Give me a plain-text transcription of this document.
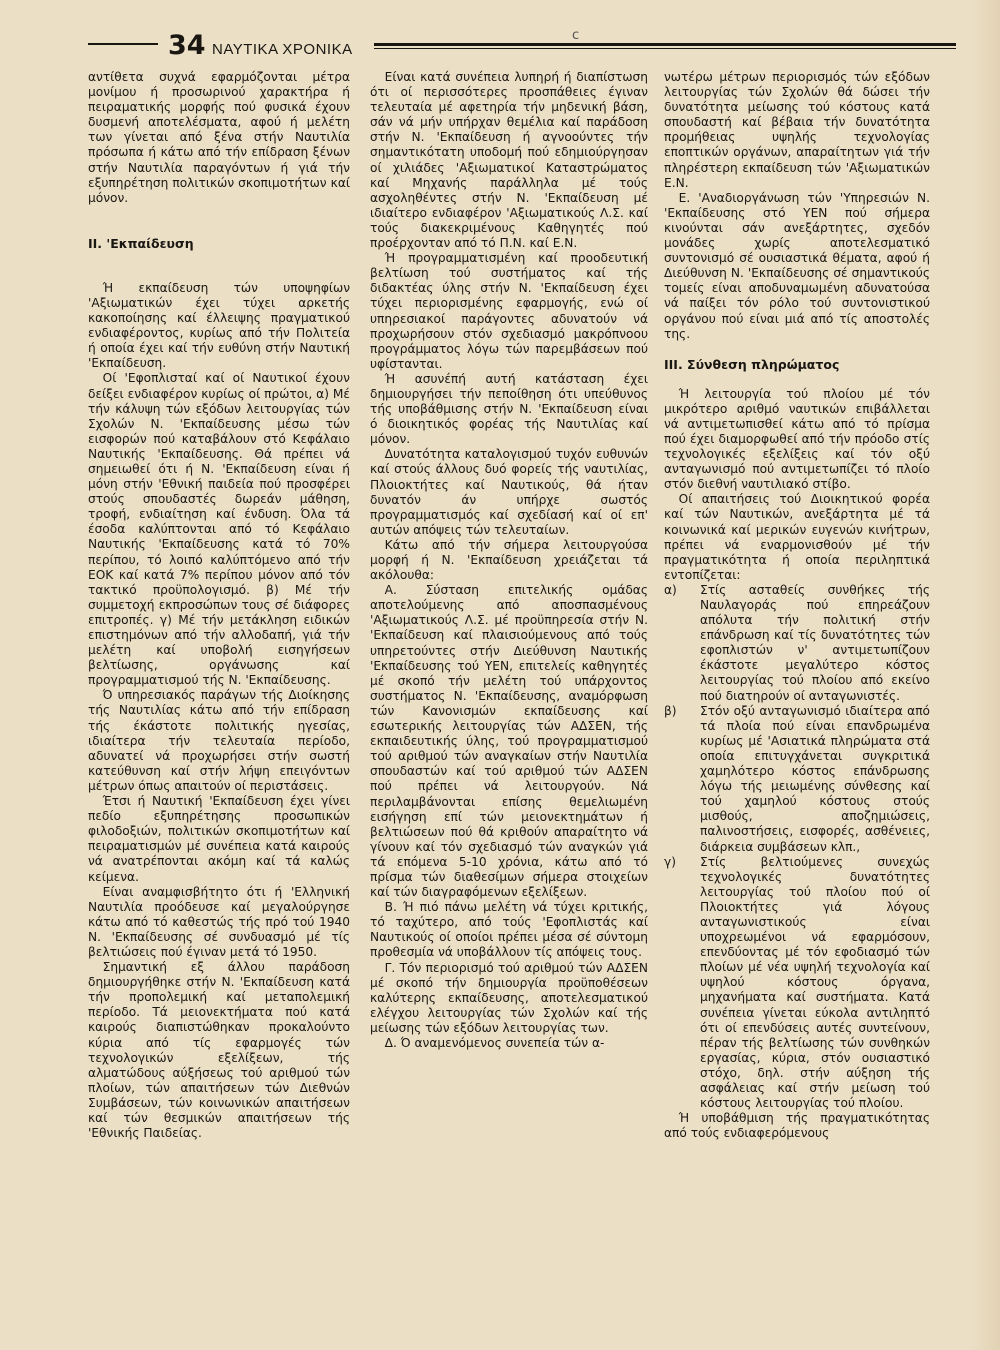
34 ΝΑΥΤΙΚΑ ΧΡΟΝΙΚΑ
c

αντίθετα συχνά εφαρμόζονται μέτρα μονίμου ή προσωρινού χαρακτήρα ή πειραματικής μορφής πού φυσικά έχουν δυσμενή αποτελέσματα, αφού ή μελέτη των γίνεται από ξένα στήν Ναυτιλία πρόσωπα ή κάτω από τήν επίδραση ξένων στήν Ναυτιλία παραγόντων ή γιά τήν εξυπηρέτηση πολιτικών σκοπιμοτήτων καί μόνον.

ΙΙ. 'Εκπαίδευση

Ή εκπαίδευση τών υποψηφίων 'Αξιωματικών έχει τύχει αρκετής κακοποίησης καί έλλειψης πραγματικού ενδιαφέροντος, κυρίως από τήν Πολιτεία ή οποία έχει καί τήν ευθύνη στήν Ναυτική 'Εκπαίδευση.

Οί 'Εφοπλισταί καί οί Ναυτικοί έχουν δείξει ενδιαφέρον κυρίως οί πρώτοι, α) Μέ τήν κάλυψη τών εξόδων λειτουργίας τών Σχολών Ν. 'Εκπαίδευσης μέσω τών εισφορών πού καταβάλουν στό Κεφάλαιο Ναυτικής 'Εκπαίδευσης. Θά πρέπει νά σημειωθεί ότι ή Ν. 'Εκπαίδευση είναι ή μόνη στήν 'Εθνική παιδεία πού προσφέρει στούς σπουδαστές δωρεάν μάθηση, τροφή, ενδιαίτηση καί ένδυση. Όλα τά έσοδα καλύπτονται από τό Κεφάλαιο Ναυτικής 'Εκπαίδευσης κατά τό 70% περίπου, τό λοιπό καλύπτόμενο από τήν ΕΟΚ καί κατά 7% περίπου μόνον από τόν τακτικό προϋπολογισμό. β) Μέ τήν συμμετοχή εκπροσώπων τους σέ διάφορες επιτροπές. γ) Μέ τήν μετάκληση ειδικών επιστημόνων από τήν αλλοδαπή, γιά τήν μελέτη καί υποβολή εισηγήσεων βελτίωσης, οργάνωσης καί προγραμματισμού τής Ν. 'Εκπαίδευσης.

Ό υπηρεσιακός παράγων τής Διοίκησης τής Ναυτιλίας κάτω από τήν επίδραση τής έκάστοτε πολιτικής ηγεσίας, ιδιαίτερα τήν τελευταία περίοδο, αδυνατεί νά προχωρήσει στήν σωστή κατεύθυνση καί στήν λήψη επειγόντων μέτρων όπως απαιτούν οί περιστάσεις.

Έτσι ή Ναυτική 'Εκπαίδευση έχει γίνει πεδίο εξυπηρέτησης προσωπικών φιλοδοξιών, πολιτικών σκοπιμοτήτων καί πειραματισμών μέ συνέπεια κατά καιρούς νά ανατρέπονται ακόμη καί τά καλώς κείμενα.

Είναι αναμφισβήτητο ότι ή 'Ελληνική Ναυτιλία προόδευσε καί μεγαλούργησε κάτω από τό καθεστώς τής πρό τού 1940 Ν. 'Εκπαίδευσης σέ συνδυασμό μέ τίς βελτιώσεις πού έγιναν μετά τό 1950.

Σημαντική εξ άλλου παράδοση δημιουργήθηκε στήν Ν. 'Εκπαίδευση κατά τήν προπολεμική καί μεταπολεμική περίοδο. Τά μειονεκτήματα πού κατά καιρούς διαπιστώθηκαν προκαλούντο κύρια από τίς εφαρμογές τών τεχνολογικών εξελίξεων, τής αλματώδους αύξήσεως τού αριθμού τών πλοίων, τών απαιτήσεων τών Διεθνών Συμβάσεων, τών κοινωνικών απαιτήσεων καί τών θεσμικών απαιτήσεων τής 'Εθνικής Παιδείας.

Είναι κατά συνέπεια λυπηρή ή διαπίστωση ότι οί περισσότερες προσπάθειες έγιναν τελευταία μέ αφετηρία τήν μηδενική βάση, σάν νά μήν υπήρχαν θεμέλια καί παράδοση στήν Ν. 'Εκπαίδευση ή αγνοούντες τήν σημαντικότατη υποδομή πού εδημιούργησαν οί χιλιάδες 'Αξιωματικοί Καταστρώματος καί Μηχανής παράλληλα μέ τούς ασχοληθέντες στήν Ν. 'Εκπαίδευση μέ ιδιαίτερο ενδιαφέρον 'Αξιωματικούς Λ.Σ. καί τούς διακεκριμένους Καθηγητές πού προέρχονταν από τό Π.Ν. καί Ε.Ν.

Ή προγραμματισμένη καί προοδευτική βελτίωση τού συστήματος καί τής διδακτέας ύλης στήν Ν. 'Εκπαίδευση έχει τύχει περιορισμένης εφαρμογής, ενώ οί υπηρεσιακοί παράγοντες αδυνατούν νά προχωρήσουν στόν σχεδιασμό μακρόπνοου προγράμματος λόγω τών παρεμβάσεων πού υφίστανται.

Ή ασυνέπή αυτή κατάσταση έχει δημιουργήσει τήν πεποίθηση ότι υπεύθυνος τής υποβάθμισης στήν Ν. 'Εκπαίδευση είναι ό διοικητικός φορέας τής Ναυτιλίας καί μόνον.

Δυνατότητα καταλογισμού τυχόν ευθυνών καί στούς άλλους δυό φορείς τής ναυτιλίας, Πλοιοκτήτες καί Ναυτικούς, θά ήταν δυνατόν άν υπήρχε σωστός προγραμματισμός καί σχεδίασή καί οί επ' αυτών απόψεις τών τελευταίων.

Κάτω από τήν σήμερα λειτουργούσα μορφή ή Ν. 'Εκπαίδευση χρειάζεται τά ακόλουθα:

Α. Σύσταση επιτελικής ομάδας αποτελούμενης από αποσπασμένους 'Αξιωματικούς Λ.Σ. μέ προϋπηρεσία στήν Ν. 'Εκπαίδευση καί πλαισιούμενους από τούς υπηρετούντες στήν Διεύθυνση Ναυτικής 'Εκπαίδευσης τού ΥΕΝ, επιτελείς καθηγητές μέ σκοπό τήν μελέτη τού υπάρχοντος συστήματος Ν. 'Εκπαίδευσης, αναμόρφωση τών Κανονισμών εκπαίδευσης καί εσωτερικής λειτουργίας τών ΑΔΣΕΝ, τής εκπαιδευτικής ύλης, τού προγραμματισμού τού αριθμού τών αναγκαίων στήν Ναυτιλία σπουδαστών καί τού αριθμού τών ΑΔΣΕΝ πού πρέπει νά λειτουργούν. Νά περιλαμβάνονται επίσης θεμελιωμένη εισήγηση επί τών μειονεκτημάτων ή βελτιώσεων πού θά κριθούν απαραίτητο νά γίνουν καί τόν σχεδιασμό τών αναγκών γιά τά επόμενα 5-10 χρόνια, κάτω από τό πρίσμα τών διαθεσίμων σήμερα στοιχείων καί τών διαγραφόμενων εξελίξεων.

Β. Ή πιό πάνω μελέτη νά τύχει κριτικής, τό ταχύτερο, από τούς 'Εφοπλιστάς καί Ναυτικούς οί οποίοι πρέπει μέσα σέ σύντομη προθεσμία νά υποβάλλουν τίς απόψεις τους.

Γ. Τόν περιορισμό τού αριθμού τών ΑΔΣΕΝ μέ σκοπό τήν δημιουργία προϋποθέσεων καλύτερης εκπαίδευσης, αποτελεσματικού ελέγχου λειτουργίας τών Σχολών καί τής μείωσης τών εξόδων λειτουργίας των.

Δ. Ό αναμενόμενος συνεπεία τών α-

νωτέρω μέτρων περιορισμός τών εξόδων λειτουργίας τών Σχολών θά δώσει τήν δυνατότητα μείωσης τού κόστους κατά σπουδαστή καί βέβαια τήν δυνατότητα προμήθειας υψηλής τεχνολογίας εποπτικών οργάνων, απαραίτητων γιά τήν πληρέστερη εκπαίδευση τών 'Αξιωματικών Ε.Ν.

Ε. 'Αναδιοργάνωση τών 'Υπηρεσιών Ν. 'Εκπαίδευσης στό ΥΕΝ πού σήμερα κινούνται σάν ανεξάρτητες, σχεδόν μονάδες χωρίς αποτελεσματικό συντονισμό σέ ουσιαστικά θέματα, αφού ή Διεύθυνση Ν. 'Εκπαίδευσης σέ σημαντικούς τομείς είναι αποδυναμωμένη αδυνατούσα νά παίξει τόν ρόλο τού συντονιστικού οργάνου πού είναι μιά από τίς αποστολές της.

ΙΙΙ. Σύνθεση πληρώματος

Ή λειτουργία τού πλοίου μέ τόν μικρότερο αριθμό ναυτικών επιβάλλεται νά αντιμετωπισθεί κάτω από τό πρίσμα πού έχει διαμορφωθεί από τήν πρόοδο στίς τεχνολογικές εξελίξεις καί τόν οξύ ανταγωνισμό πού αντιμετωπίζει τό πλοίο στόν διεθνή ναυτιλιακό στίβο.

Οί απαιτήσεις τού Διοικητικού φορέα καί τών Ναυτικών, ανεξάρτητα μέ τά κοινωνικά καί μερικών ευγενών κινήτρων, πρέπει νά εναρμονισθούν μέ τήν πραγματικότητα ή οποία περιληπτικά εντοπίζεται:

α)	Στίς ασταθείς συνθήκες τής Ναυλαγοράς πού επηρεάζουν απόλυτα τήν πολιτική στήν επάνδρωση καί τίς δυνατότητες τών εφοπλιστών ν' αντιμετωπίζουν έκάστοτε μεγαλύτερο κόστος λειτουργίας τού πλοίου από εκείνο πού διατηρούν οί ανταγωνιστές.
β)	Στόν οξύ ανταγωνισμό ιδιαίτερα από τά πλοία πού είναι επανδρωμένα κυρίως μέ 'Ασιατικά πληρώματα στά οποία επιτυγχάνεται συγκριτικά χαμηλότερο κόστος επάνδρωσης λόγω τής μειωμένης σύνθεσης καί τού χαμηλού κόστους στούς μισθούς, αποζημιώσεις, παλινοστήσεις, εισφορές, ασθένειες, διάρκεια συμβάσεων κλπ.,
γ)	Στίς βελτιούμενες συνεχώς τεχνολογικές δυνατότητες λειτουργίας τού πλοίου πού οί Πλοιοκτήτες γιά λόγους ανταγωνιστικούς είναι υποχρεωμένοι νά εφαρμόσουν, επενδύοντας μέ τόν εφοδιασμό τών πλοίων μέ νέα υψηλή τεχνολογία καί υψηλού κόστους όργανα, μηχανήματα καί συστήματα. Κατά συνέπεια γίνεται εύκολα αντιληπτό ότι οί επενδύσεις αυτές συντείνουν, πέραν τής βελτίωσης τών συνθηκών εργασίας, κύρια, στόν ουσιαστικό στόχο, δηλ. στήν αύξηση τής ασφάλειας καί στήν μείωση τού κόστους λειτουργίας τού πλοίου.

Ή υποβάθμιση τής πραγματικότητας από τούς ενδιαφερόμενους
